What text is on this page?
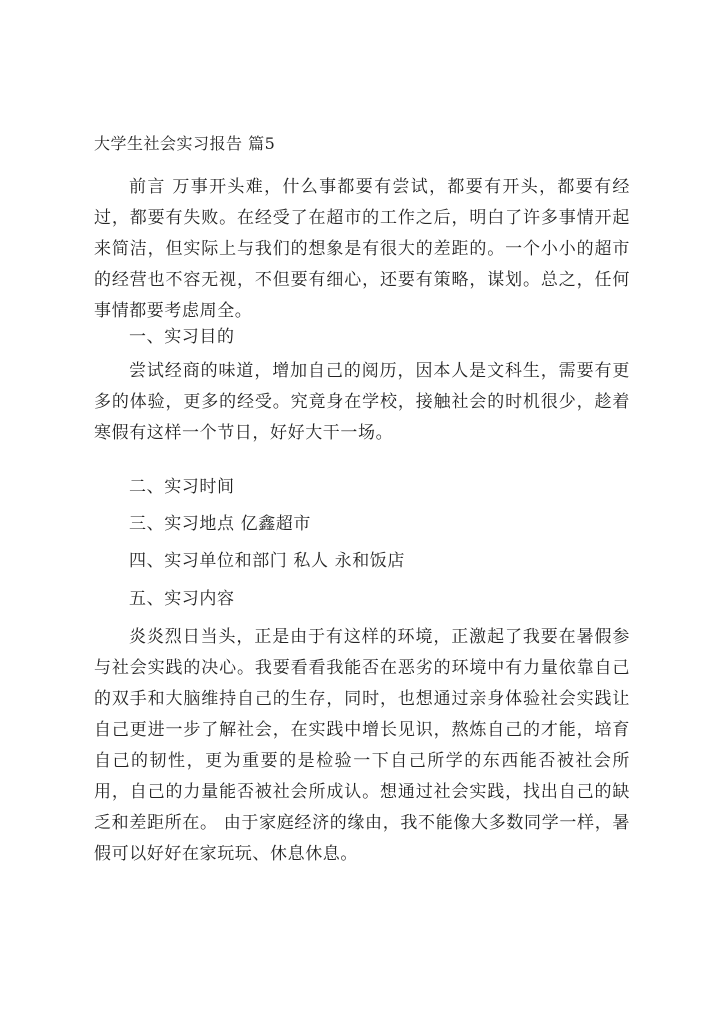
大学生社会实习报告 篇5
前言 万事开头难，什么事都要有尝试，都要有开头，都要有经过，都要有失败。在经受了在超市的工作之后，明白了许多事情开起来简洁，但实际上与我们的想象是有很大的差距的。一个小小的超市的经营也不容无视，不但要有细心，还要有策略，谋划。总之，任何事情都要考虑周全。
一、实习目的
尝试经商的味道，增加自己的阅历，因本人是文科生，需要有更多的体验，更多的经受。究竟身在学校，接触社会的时机很少，趁着寒假有这样一个节日，好好大干一场。
二、实习时间
三、实习地点 亿鑫超市
四、实习单位和部门 私人 永和饭店
五、实习内容
炎炎烈日当头，正是由于有这样的环境，正激起了我要在暑假参与社会实践的决心。我要看看我能否在恶劣的环境中有力量依靠自己的双手和大脑维持自己的生存，同时，也想通过亲身体验社会实践让自己更进一步了解社会，在实践中增长见识，熬炼自己的才能，培育自己的韧性，更为重要的是检验一下自己所学的东西能否被社会所用，自己的力量能否被社会所成认。想通过社会实践，找出自己的缺乏和差距所在。 由于家庭经济的缘由，我不能像大多数同学一样，暑假可以好好在家玩玩、休息休息。
